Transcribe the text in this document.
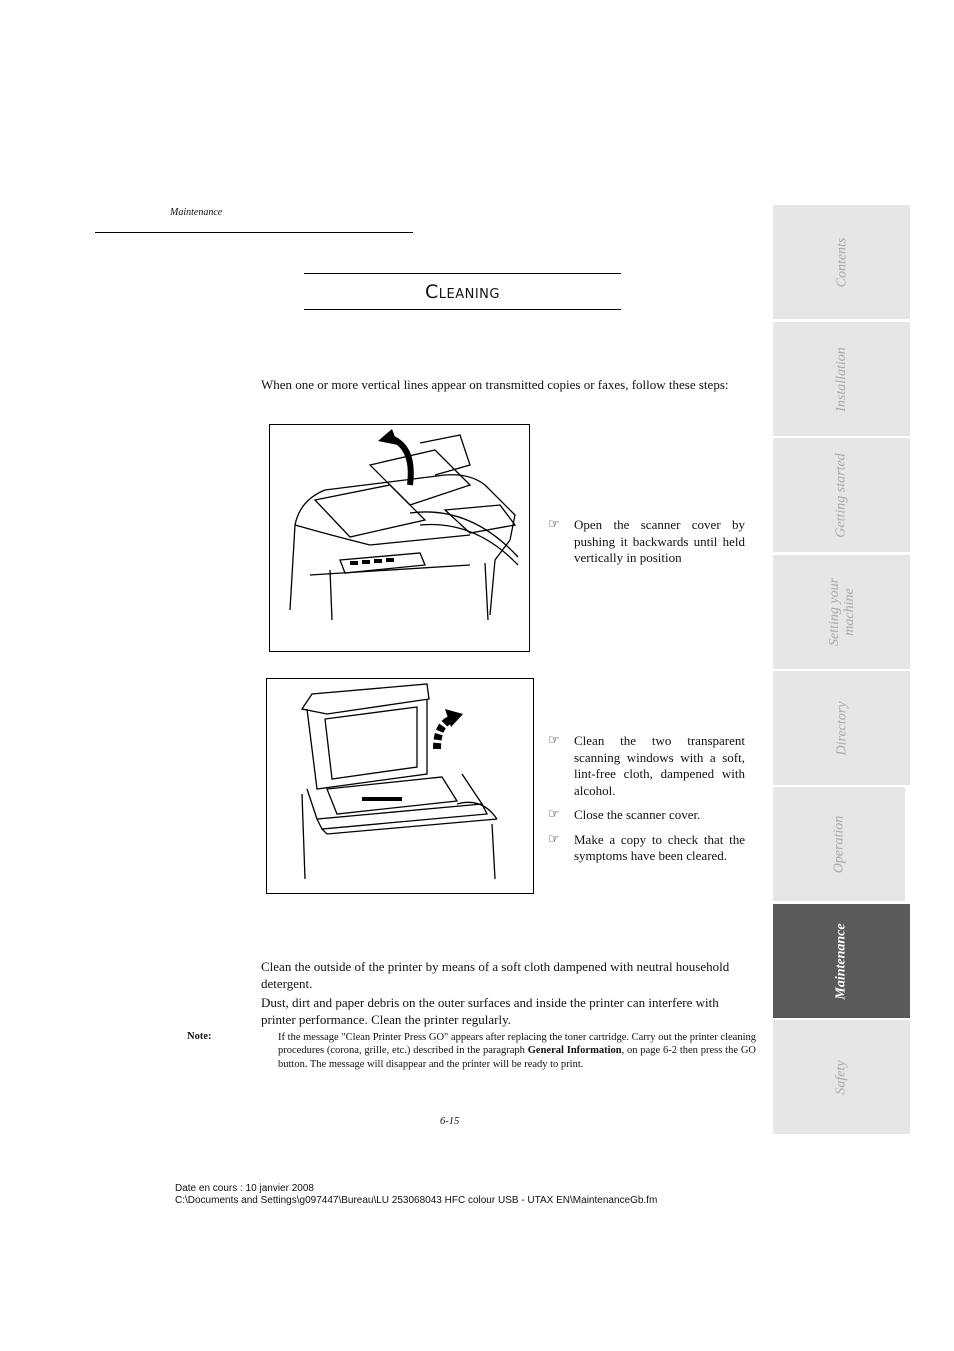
Maintenance
Cleaning
When one or more vertical lines appear on transmitted copies or faxes, follow these steps:
☞	Open the scanner cover by pushing it backwards until held vertically in position
☞	Clean the two transparent scanning windows with a soft, lint-free cloth, dampened with alcohol.
☞	Close the scanner cover.
☞	Make a copy to check that the symptoms have been cleared.
Clean the outside of the printer by means of a soft cloth dampened with neutral household detergent.
Dust, dirt and paper debris on the outer surfaces and inside the printer can interfere with printer performance. Clean the printer regularly.
Note:	If the message "Clean Printer Press GO" appears after replacing the toner cartridge. Carry out the printer cleaning procedures (corona, grille, etc.) described in the paragraph General Information, on page 6-2 then press the GO button. The message will disappear and the printer will be ready to print.
6-15
Date en cours : 10 janvier 2008
C:\Documents and Settings\g097447\Bureau\LU 253068043 HFC colour USB - UTAX EN\MaintenanceGb.fm
Contents
Installation
Getting started
Setting your machine
Directory
Operation
Maintenance
Safety
